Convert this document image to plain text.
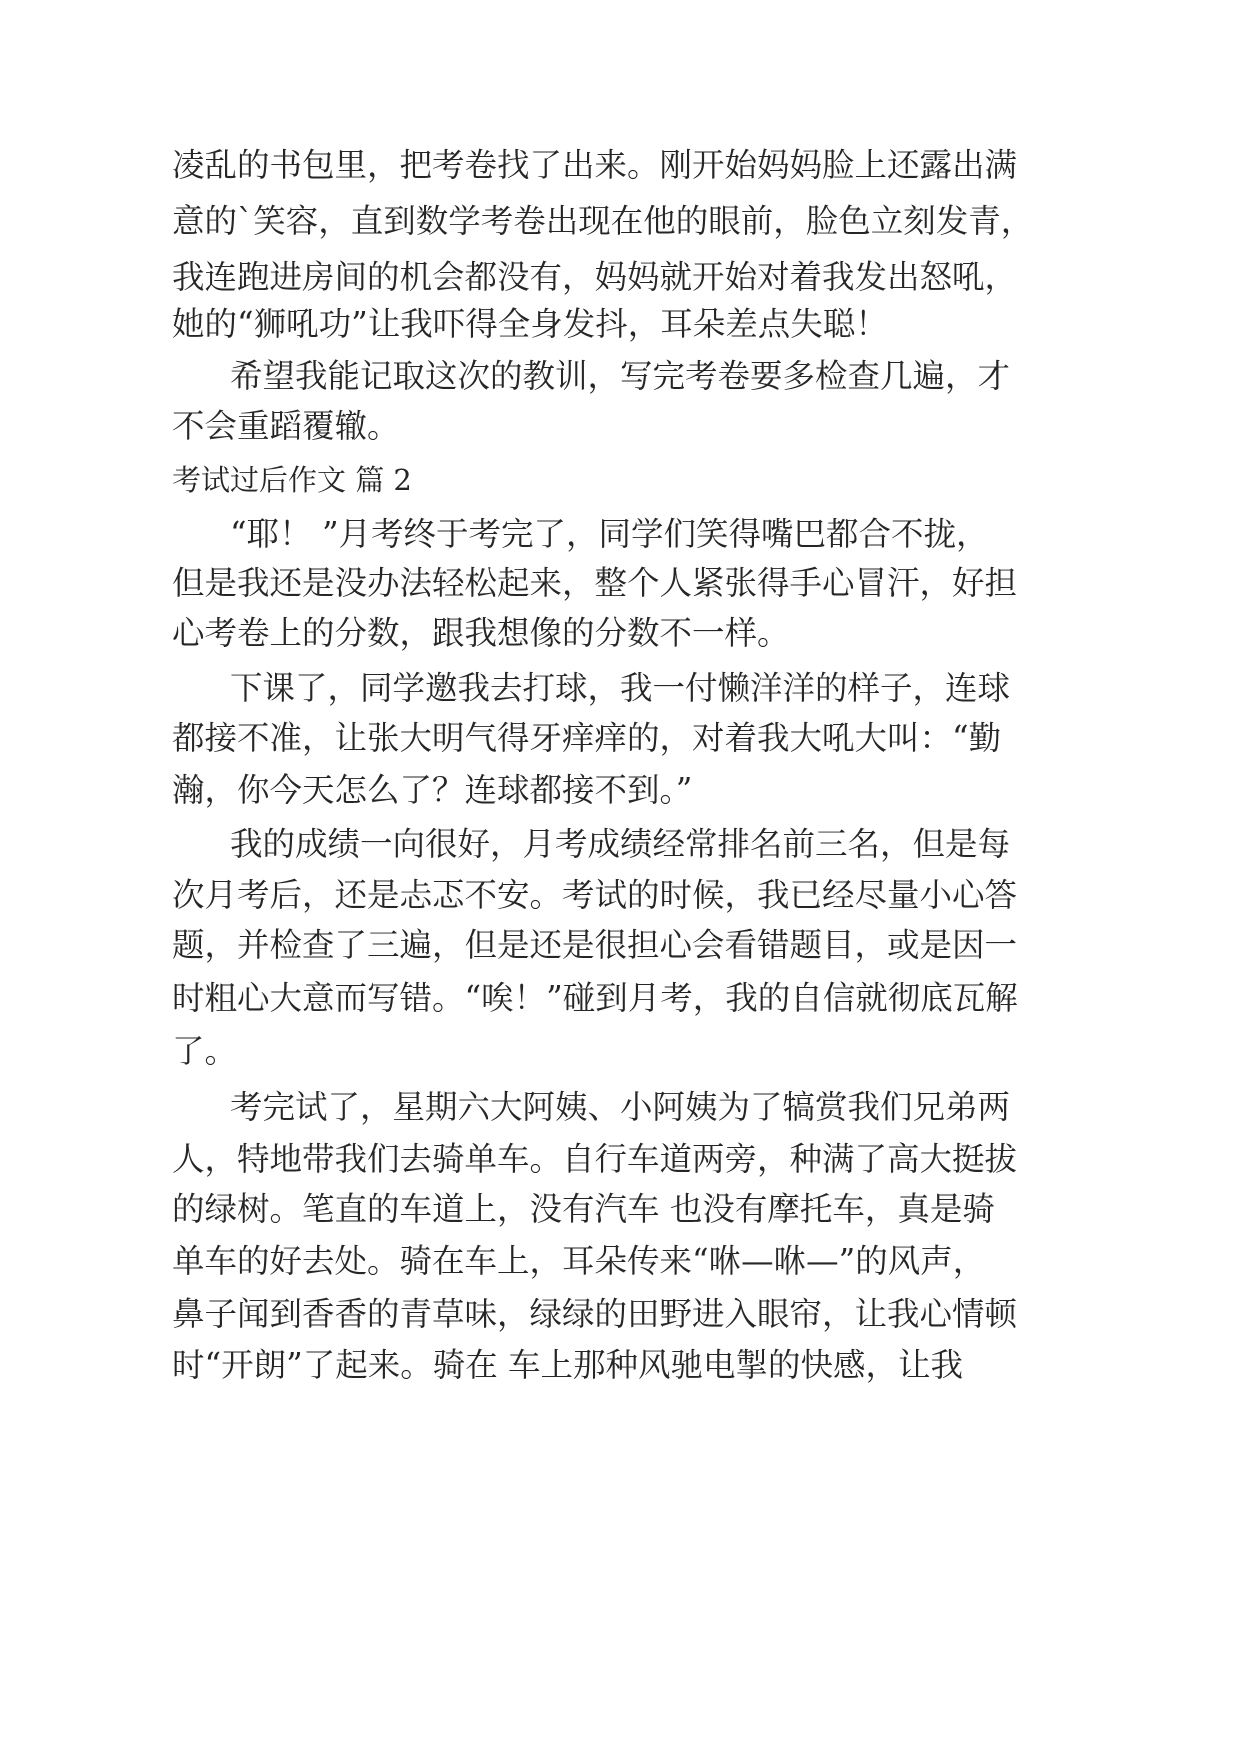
凌乱的书包里，把考卷找了出来。刚开始妈妈脸上还露出满
意的`笑容，直到数学考卷出现在他的眼前，脸色立刻发青，
我连跑进房间的机会都没有，妈妈就开始对着我发出怒吼，
她的“狮吼功”让我吓得全身发抖，耳朵差点失聪！
希望我能记取这次的教训，写完考卷要多检查几遍，才
不会重蹈覆辙。
考试过后作文 篇 2
“耶！ ”月考终于考完了，同学们笑得嘴巴都合不拢，
但是我还是没办法轻松起来，整个人紧张得手心冒汗，好担
心考卷上的分数，跟我想像的分数不一样。
下课了，同学邀我去打球，我一付懒洋洋的样子，连球
都接不准，让张大明气得牙痒痒的，对着我大吼大叫：“勤
瀚，你今天怎么了？连球都接不到。”
我的成绩一向很好，月考成绩经常排名前三名，但是每
次月考后，还是忐忑不安。考试的时候，我已经尽量小心答
题，并检查了三遍，但是还是很担心会看错题目，或是因一
时粗心大意而写错。“唉！”碰到月考，我的自信就彻底瓦解
了。
考完试了，星期六大阿姨、小阿姨为了犒赏我们兄弟两
人，特地带我们去骑单车。自行车道两旁，种满了高大挺拔
的绿树。笔直的车道上，没有汽车 也没有摩托车，真是骑
单车的好去处。骑在车上，耳朵传来“咻—咻—”的风声，
鼻子闻到香香的青草味，绿绿的田野进入眼帘，让我心情顿
时“开朗”了起来。骑在 车上那种风驰电掣的快感，让我
